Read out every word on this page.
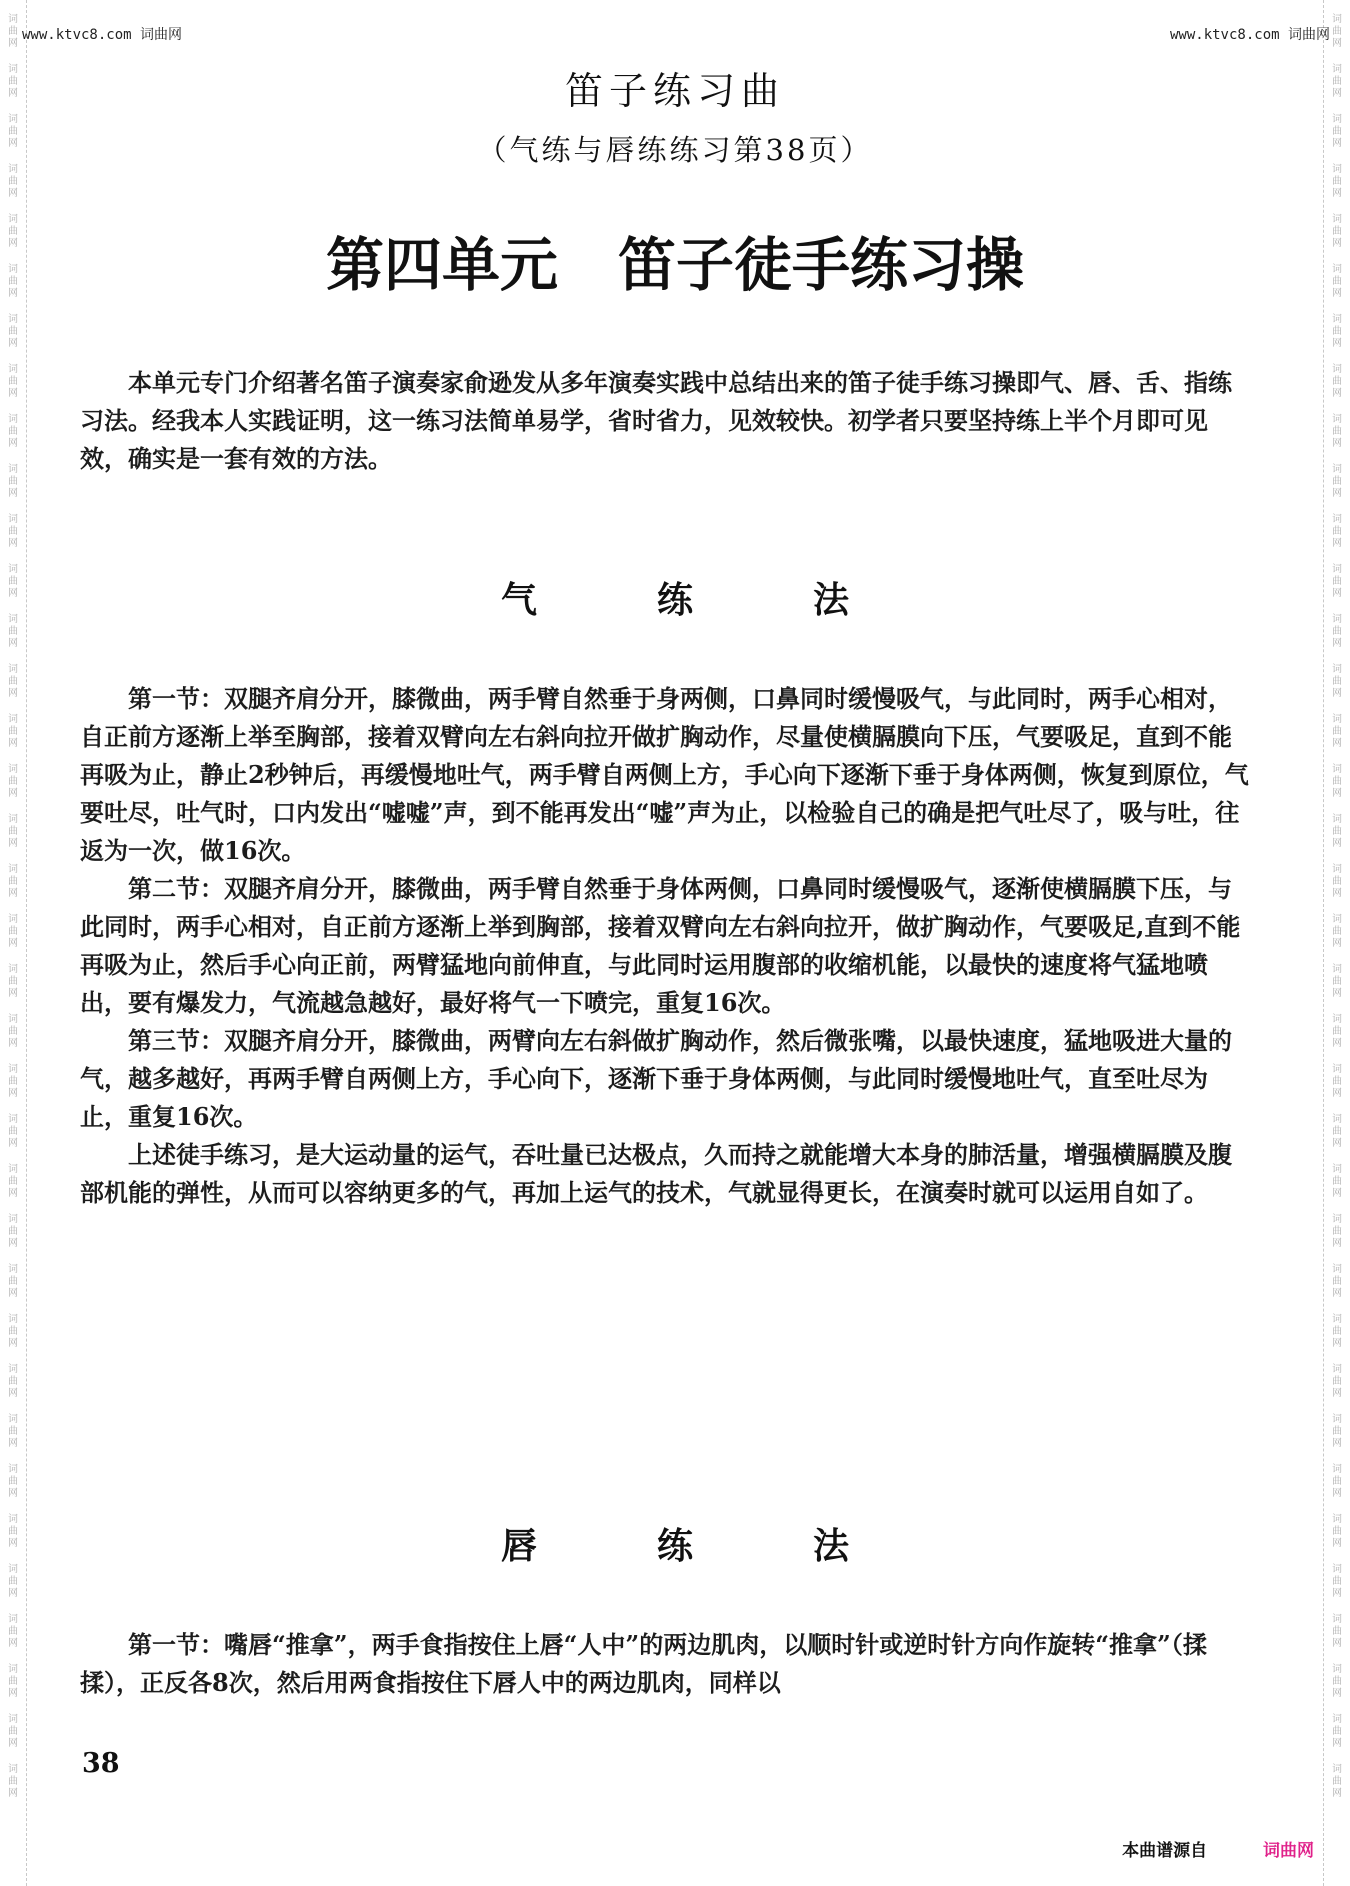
词
曲
网
词
曲
网
词
曲
网
词
曲
网
词
曲
网
词
曲
网
词
曲
网
词
曲
网
词
曲
网
词
曲
网
词
曲
网
词
曲
网
词
曲
网
词
曲
网
词
曲
网
词
曲
网
词
曲
网
词
曲
网
词
曲
网
词
曲
网
词
曲
网
词
曲
网
词
曲
网
词
曲
网
词
曲
网
词
曲
网
词
曲
网
词
曲
网
词
曲
网
词
曲
网
词
曲
网
词
曲
网
词
曲
网
词
曲
网
词
曲
网
词
曲
网
词
曲
网
词
曲
网
词
曲
网
词
曲
网
词
曲
网
词
曲
网
词
曲
网
词
曲
网
词
曲
网
词
曲
网
词
曲
网
词
曲
网
词
曲
网
词
曲
网
词
曲
网
词
曲
网
词
曲
网
词
曲
网
词
曲
网
词
曲
网
词
曲
网
词
曲
网
词
曲
网
词
曲
网
词
曲
网
词
曲
网
词
曲
网
词
曲
网
词
曲
网
词
曲
网
词
曲
网
词
曲
网
词
曲
网
词
曲
网
词
曲
网
词
曲
网
www.ktvc8.com 词曲网	www.ktvc8.com 词曲网
笛子练习曲
（气练与唇练练习第38页）
第四单元 笛子徒手练习操

本单元专门介绍著名笛子演奏家俞逊发从多年演奏实践中总结出来的笛子徒手练习操即气、唇、舌、指练习法。经我本人实践证明，这一练习法简单易学，省时省力，见效较快。初学者只要坚持练上半个月即可见效，确实是一套有效的方法。

气练法

第一节：双腿齐肩分开，膝微曲，两手臂自然垂于身两侧，口鼻同时缓慢吸气，与此同时，两手心相对，自正前方逐渐上举至胸部，接着双臂向左右斜向拉开做扩胸动作，尽量使横膈膜向下压，气要吸足，直到不能再吸为止，静止2秒钟后，再缓慢地吐气，两手臂自两侧上方，手心向下逐渐下垂于身体两侧，恢复到原位，气要吐尽，吐气时，口内发出“嘘嘘”声，到不能再发出“嘘”声为止，以检验自己的确是把气吐尽了，吸与吐，往返为一次，做16次。

第二节：双腿齐肩分开，膝微曲，两手臂自然垂于身体两侧，口鼻同时缓慢吸气，逐渐使横膈膜下压，与此同时，两手心相对，自正前方逐渐上举到胸部，接着双臂向左右斜向拉开，做扩胸动作，气要吸足,直到不能再吸为止，然后手心向正前，两臂猛地向前伸直，与此同时运用腹部的收缩机能，以最快的速度将气猛地喷出，要有爆发力，气流越急越好，最好将气一下喷完，重复16次。

第三节：双腿齐肩分开，膝微曲，两臂向左右斜做扩胸动作，然后微张嘴，以最快速度，猛地吸进大量的气，越多越好，再两手臂自两侧上方，手心向下，逐渐下垂于身体两侧，与此同时缓慢地吐气，直至吐尽为止，重复16次。

上述徒手练习，是大运动量的运气，吞吐量已达极点，久而持之就能增大本身的肺活量，增强横膈膜及腹部机能的弹性，从而可以容纳更多的气，再加上运气的技术，气就显得更长，在演奏时就可以运用自如了。

唇练法

第一节：嘴唇“推拿”，两手食指按住上唇“人中”的两边肌肉，以顺时针或逆时针方向作旋转“推拿”（揉揉），正反各8次，然后用两食指按住下唇人中的两边肌肉，同样以

38
本曲谱源自	词曲网
